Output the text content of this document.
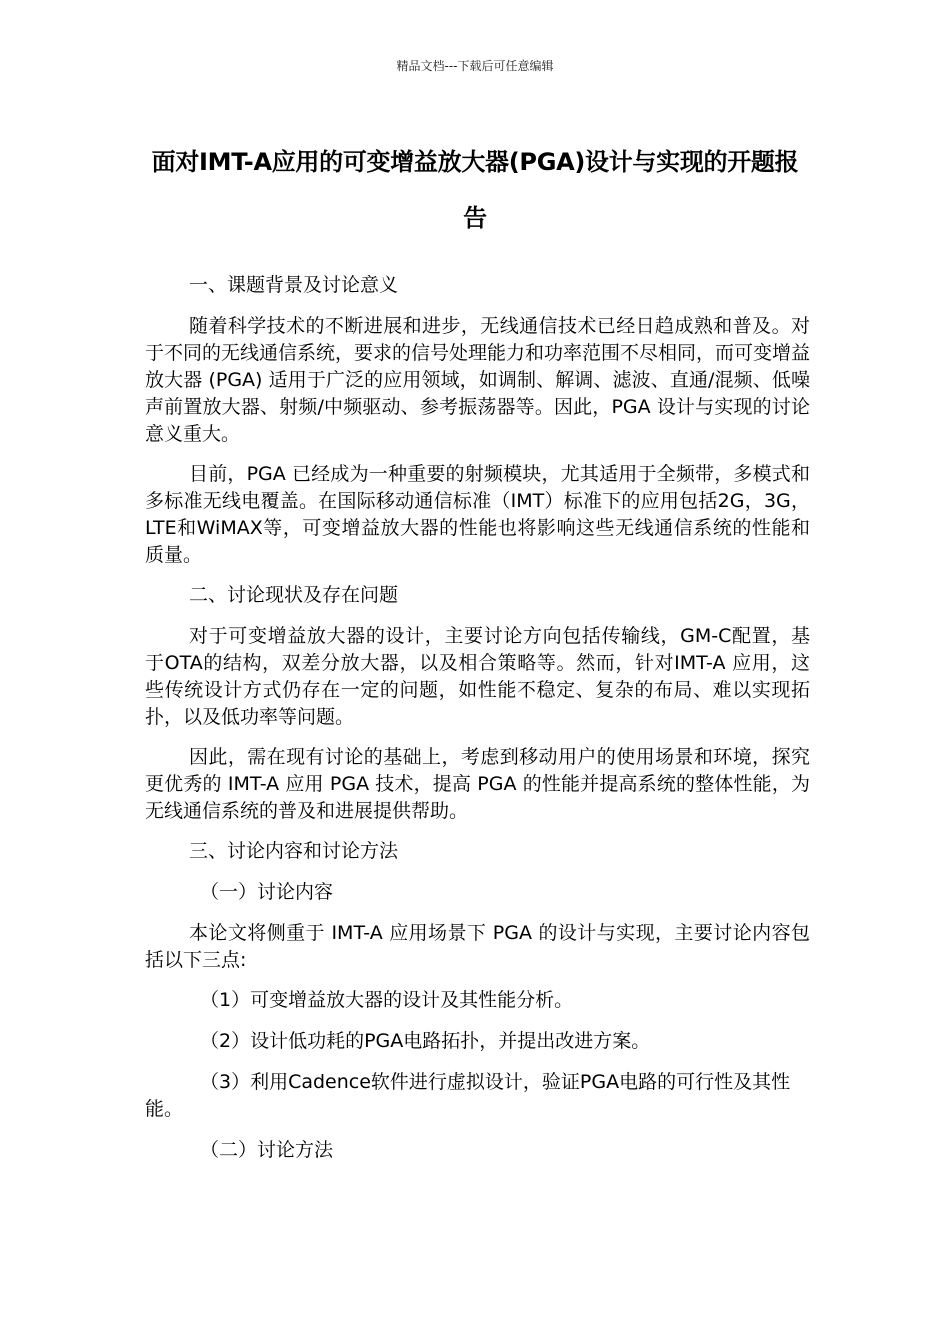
精品文档---下载后可任意编辑
面对IMT-A应用的可变增益放大器(PGA)设计与实现的开题报告
一、课题背景及讨论意义
随着科学技术的不断进展和进步，无线通信技术已经日趋成熟和普及。对于不同的无线通信系统，要求的信号处理能力和功率范围不尽相同，而可变增益放大器 (PGA) 适用于广泛的应用领域，如调制、解调、滤波、直通/混频、低噪声前置放大器、射频/中频驱动、参考振荡器等。因此，PGA 设计与实现的讨论意义重大。
目前，PGA 已经成为一种重要的射频模块，尤其适用于全频带，多模式和多标准无线电覆盖。在国际移动通信标准（IMT）标准下的应用包括2G，3G，LTE和WiMAX等，可变增益放大器的性能也将影响这些无线通信系统的性能和质量。
二、讨论现状及存在问题
对于可变增益放大器的设计，主要讨论方向包括传输线，GM-C配置，基于OTA的结构，双差分放大器，以及相合策略等。然而，针对IMT-A 应用，这些传统设计方式仍存在一定的问题，如性能不稳定、复杂的布局、难以实现拓扑，以及低功率等问题。
因此，需在现有讨论的基础上，考虑到移动用户的使用场景和环境，探究更优秀的 IMT-A 应用 PGA 技术，提高 PGA 的性能并提高系统的整体性能，为无线通信系统的普及和进展提供帮助。
三、讨论内容和讨论方法
（一）讨论内容
本论文将侧重于 IMT-A 应用场景下 PGA 的设计与实现，主要讨论内容包括以下三点:
（1）可变增益放大器的设计及其性能分析。
（2）设计低功耗的PGA电路拓扑，并提出改进方案。
（3）利用Cadence软件进行虚拟设计，验证PGA电路的可行性及其性能。
（二）讨论方法
